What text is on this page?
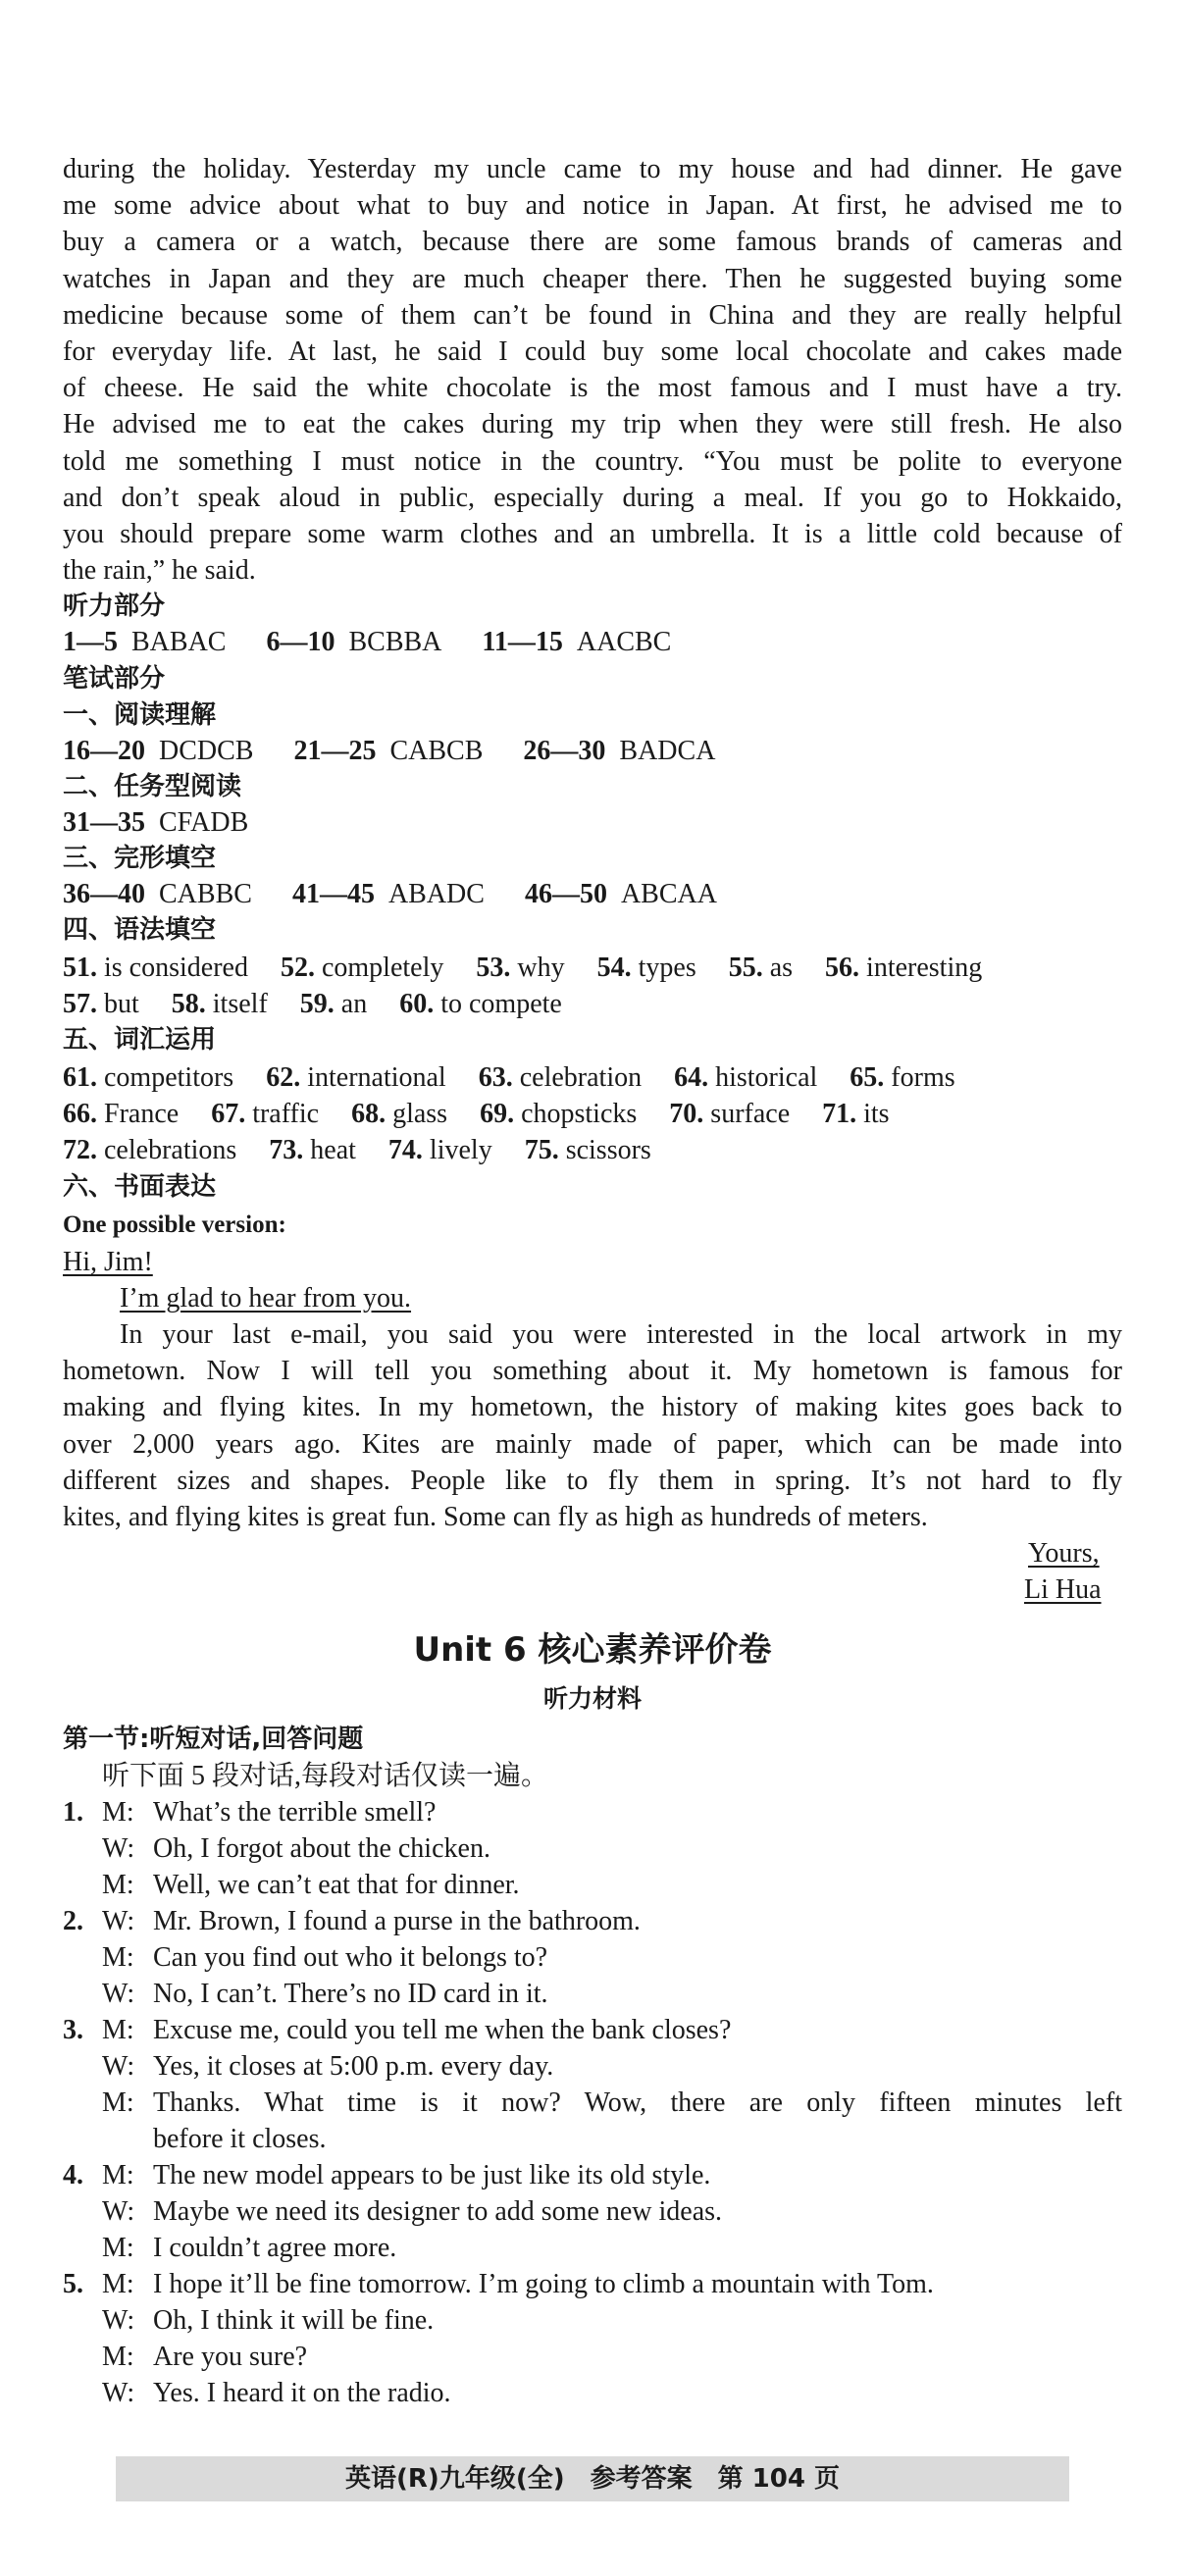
during the holiday. Yesterday my uncle came to my house and had dinner. He gave
me some advice about what to buy and notice in Japan. At first, he advised me to
buy a camera or a watch, because there are some famous brands of cameras and
watches in Japan and they are much cheaper there. Then he suggested buying some
medicine because some of them can’t be found in China and they are really helpful
for everyday life. At last, he said I could buy some local chocolate and cakes made
of cheese. He said the white chocolate is the most famous and I must have a try.
He advised me to eat the cakes during my trip when they were still fresh. He also
told me something I must notice in the country. “You must be polite to everyone
and don’t speak aloud in public, especially during a meal. If you go to Hokkaido,
you should prepare some warm clothes and an umbrella. It is a little cold because of
the rain,” he said.
听力部分
1—5 BABAC 6—10 BCBBA 11—15 AACBC
笔试部分
一、阅读理解
16—20 DCDCB 21—25 CABCB 26—30 BADCA
二、任务型阅读
31—35 CFADB
三、完形填空
36—40 CABBC 41—45 ABADC 46—50 ABCAA
四、语法填空
51. is considered 52. completely 53. why 54. types 55. as 56. interesting
57. but 58. itself 59. an 60. to compete
五、词汇运用
61. competitors 62. international 63. celebration 64. historical 65. forms
66. France 67. traffic 68. glass 69. chopsticks 70. surface 71. its
72. celebrations 73. heat 74. lively 75. scissors
六、书面表达
One possible version:
Hi, Jim!
I’m glad to hear from you.
In your last e-mail, you said you were interested in the local artwork in my
hometown. Now I will tell you something about it. My hometown is famous for
making and flying kites. In my hometown, the history of making kites goes back to
over 2,000 years ago. Kites are mainly made of paper, which can be made into
different sizes and shapes. People like to fly them in spring. It’s not hard to fly
kites, and flying kites is great fun. Some can fly as high as hundreds of meters.
Yours,
Li Hua
Unit 6 核心素养评价卷
听力材料
第一节:听短对话,回答问题
听下面 5 段对话,每段对话仅读一遍。
1. M: What’s the terrible smell?
W: Oh, I forgot about the chicken.
M: Well, we can’t eat that for dinner.
2. W: Mr. Brown, I found a purse in the bathroom.
M: Can you find out who it belongs to?
W: No, I can’t. There’s no ID card in it.
3. M: Excuse me, could you tell me when the bank closes?
W: Yes, it closes at 5:00 p.m. every day.
M: Thanks. What time is it now? Wow, there are only fifteen minutes left
before it closes.
4. M: The new model appears to be just like its old style.
W: Maybe we need its designer to add some new ideas.
M: I couldn’t agree more.
5. M: I hope it’ll be fine tomorrow. I’m going to climb a mountain with Tom.
W: Oh, I think it will be fine.
M: Are you sure?
W: Yes. I heard it on the radio.
英语(R)九年级(全)　参考答案　第 104 页
